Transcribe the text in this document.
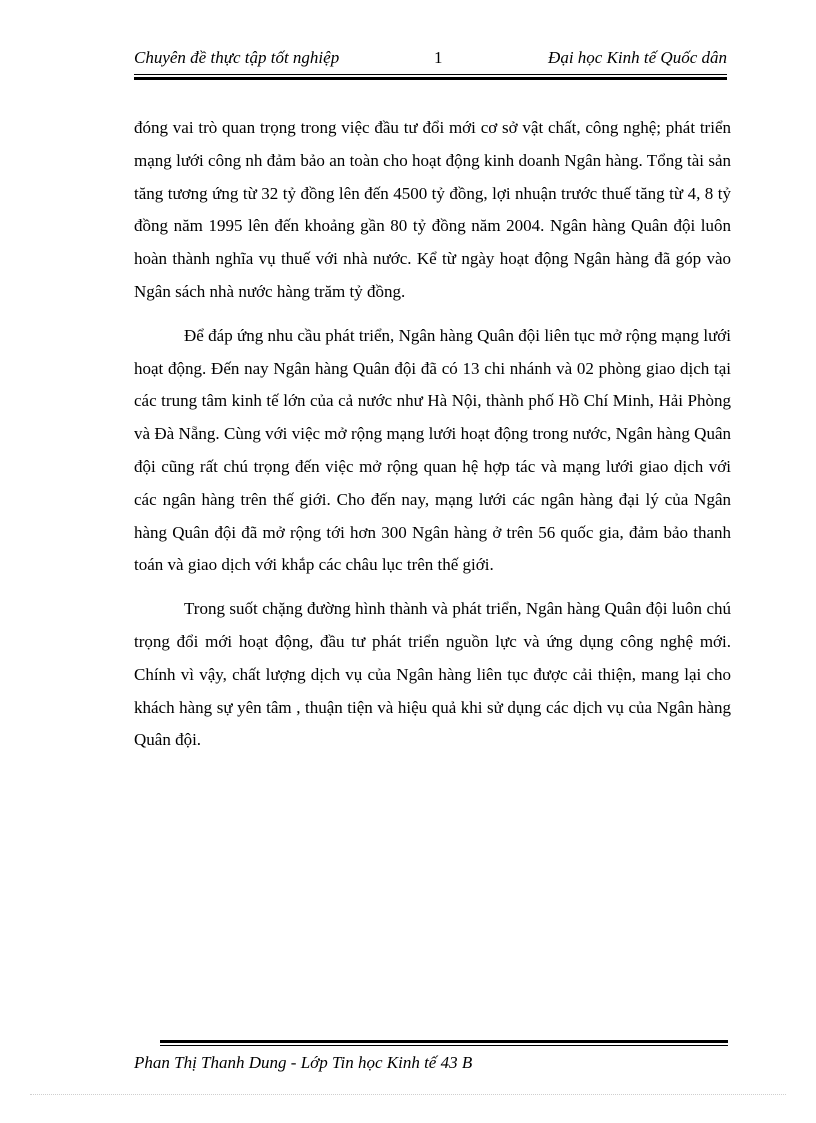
Chuyên đề thực tập tốt nghiệp	1	Đại học Kinh tế Quốc dân

đóng vai trò quan trọng trong việc đầu tư đổi mới cơ sở vật chất, công nghệ; phát triển mạng lưới công nh đảm bảo an toàn cho hoạt động kinh doanh Ngân hàng. Tổng tài sản tăng tương ứng từ 32 tỷ đồng lên đến 4500 tỷ đồng, lợi nhuận trước thuế tăng từ 4, 8 tỷ đồng năm 1995 lên đến khoảng gần 80 tỷ đồng năm 2004. Ngân hàng Quân đội luôn hoàn thành nghĩa vụ thuế với nhà nước. Kể từ ngày hoạt động Ngân hàng đã góp vào Ngân sách nhà nước hàng trăm tỷ đồng.

Để đáp ứng nhu cầu phát triển, Ngân hàng Quân đội liên tục mở rộng mạng lưới hoạt động. Đến nay Ngân hàng Quân đội đã có 13 chi nhánh và 02 phòng giao dịch tại các trung tâm kinh tế lớn của cả nước như Hà Nội, thành phố Hồ Chí Minh, Hải Phòng và Đà Nẵng. Cùng với việc mở rộng mạng lưới hoạt động trong nước, Ngân hàng Quân đội cũng rất chú trọng đến việc mở rộng quan hệ hợp tác và mạng lưới giao dịch với các ngân hàng trên thế giới. Cho đến nay, mạng lưới các ngân hàng đại lý của Ngân hàng Quân đội đã mở rộng tới hơn 300 Ngân hàng ở trên 56 quốc gia, đảm bảo thanh toán và giao dịch với khắp các châu lục trên thế giới.

Trong suốt chặng đường hình thành và phát triển, Ngân hàng Quân đội luôn chú trọng đổi mới hoạt động, đầu tư phát triển nguồn lực và ứng dụng công nghệ mới. Chính vì vậy, chất lượng dịch vụ của Ngân hàng liên tục được cải thiện, mang lại cho khách hàng sự yên tâm , thuận tiện và hiệu quả khi sử dụng các dịch vụ của Ngân hàng Quân đội.

Phan Thị Thanh Dung - Lớp Tin học Kinh tế 43 B
